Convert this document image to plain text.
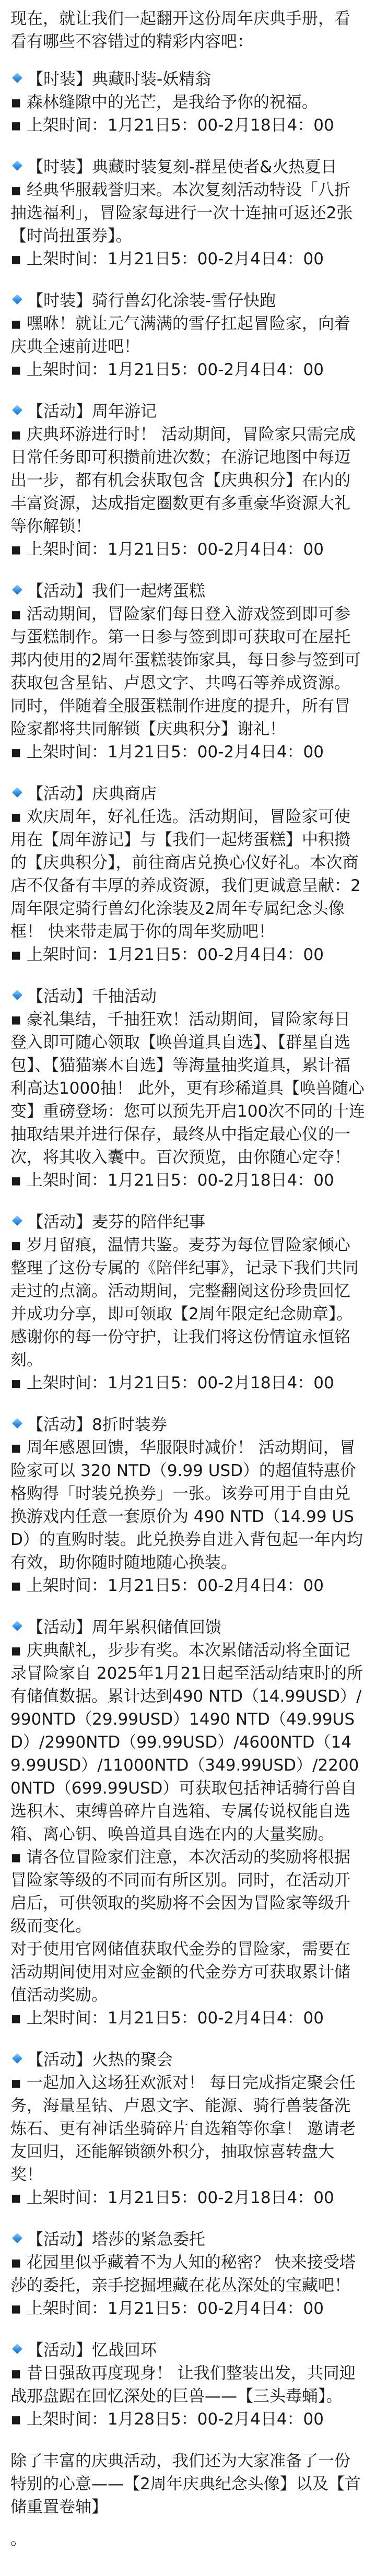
现在，就让我们一起翻开这份周年庆典手册，看看有哪些不容错过的精彩内容吧：
【时装】典藏时装-妖精翁
▪ 森林缝隙中的光芒，是我给予你的祝福。
▪ 上架时间：1月21日5：00-2月18日4：00
【时装】典藏时装复刻-群星使者&火热夏日
▪ 经典华服载誉归来。本次复刻活动特设「八折抽选福利」，冒险家每进行一次十连抽可返还2张【时尚扭蛋券】。
▪ 上架时间：1月21日5：00-2月4日4：00
【时装】骑行兽幻化涂装-雪仔快跑
▪ 嘿咻！就让元气满满的雪仔扛起冒险家，向着庆典全速前进吧！
▪ 上架时间：1月21日5：00-2月4日4：00
【活动】周年游记
▪ 庆典环游进行时！ 活动期间，冒险家只需完成日常任务即可积攒前进次数；在游记地图中每迈出一步，都有机会获取包含【庆典积分】在内的丰富资源，达成指定圈数更有多重豪华资源大礼等你解锁！
▪ 上架时间：1月21日5：00-2月4日4：00
【活动】我们一起烤蛋糕
▪ 活动期间，冒险家们每日登入游戏签到即可参与蛋糕制作。第一日参与签到即可获取可在屋托邦内使用的2周年蛋糕装饰家具，每日参与签到可获取包含星钻、卢恩文字、共鸣石等养成资源。同时，伴随着全服蛋糕制作进度的提升，所有冒险家都将共同解锁【庆典积分】谢礼！
▪ 上架时间：1月21日5：00-2月4日4：00
【活动】庆典商店
▪ 欢庆周年，好礼任选。活动期间，冒险家可使用在【周年游记】与【我们一起烤蛋糕】中积攒的【庆典积分】，前往商店兑换心仪好礼。本次商店不仅备有丰厚的养成资源，我们更诚意呈献：2周年限定骑行兽幻化涂装及2周年专属纪念头像框！ 快来带走属于你的周年奖励吧！
▪ 上架时间：1月21日5：00-2月4日4：00
【活动】千抽活动
▪ 豪礼集结，千抽狂欢！活动期间，冒险家每日登入即可随心领取【唤兽道具自选】、【群星自选包】、【猫猫寨木自选】等海量抽奖道具，累计福利高达1000抽！ 此外，更有珍稀道具【唤兽随心变】重磅登场：您可以预先开启100次不同的十连抽取结果并进行保存，最终从中指定最心仪的一次，将其收入囊中。百次预览，由你随心定夺！
▪ 上架时间：1月21日5：00-2月18日4：00
【活动】麦芬的陪伴纪事
▪ 岁月留痕，温情共鉴。麦芬为每位冒险家倾心整理了这份专属的《陪伴纪事》，记录下我们共同走过的点滴。活动期间，完整翻阅这份珍贵回忆并成功分享，即可领取【2周年限定纪念勋章】。感谢你的每一份守护，让我们将这份情谊永恒铭刻。
▪ 上架时间：1月21日5：00-2月18日4：00
【活动】8折时装券
▪ 周年感恩回馈，华服限时减价！ 活动期间，冒险家可以 320 NTD（9.99 USD）的超值特惠价格购得「时装兑换券」一张。该券可用于自由兑换游戏内任意一套原价为 490 NTD（14.99 USD）的直购时装。此兑换券自进入背包起一年内均有效，助你随时随地随心换装。
▪ 上架时间：1月21日5：00-2月4日4：00
【活动】周年累积储值回馈
▪ 庆典献礼，步步有奖。本次累储活动将全面记录冒险家自 2025年1月21日起至活动结束时的所有储值数据。累计达到490 NTD（14.99USD）/990NTD（29.99USD）1490 NTD（49.99USD）/2990NTD（99.99USD）/4600NTD（149.99USD）/11000NTD（349.99USD）/22000NTD（699.99USD）可获取包括神话骑行兽自选积木、束缚兽碎片自选箱、专属传说权能自选箱、离心钥、唤兽道具自选在内的大量奖励。
▪ 请各位冒险家们注意，本次活动的奖励将根据冒险家等级的不同而有所区别。同时，在活动开启后，可供领取的奖励将不会因为冒险家等级升级而变化。
对于使用官网储值获取代金券的冒险家，需要在活动期间使用对应金额的代金券方可获取累计储值活动奖励。
▪ 上架时间：1月21日5：00-2月4日4：00
【活动】火热的聚会
▪ 一起加入这场狂欢派对！ 每日完成指定聚会任务，海量星钻、卢恩文字、能源、骑行兽装备洗炼石、更有神话坐骑碎片自选箱等你拿！ 邀请老友回归，还能解锁额外积分，抽取惊喜转盘大奖！
▪ 上架时间：1月21日5：00-2月18日4：00
【活动】塔莎的紧急委托
▪ 花园里似乎藏着不为人知的秘密？ 快来接受塔莎的委托，亲手挖掘埋藏在花丛深处的宝藏吧！
▪ 上架时间：1月21日5：00-2月4日4：00
【活动】忆战回环
▪ 昔日强敌再度现身！ 让我们整装出发，共同迎战那盘踞在回忆深处的巨兽——【三头毒蛹】。
▪ 上架时间：1月28日5：00-2月4日4：00
除了丰富的庆典活动，我们还为大家准备了一份特别的心意——【2周年庆典纪念头像】以及【首储重置卷轴】
。
